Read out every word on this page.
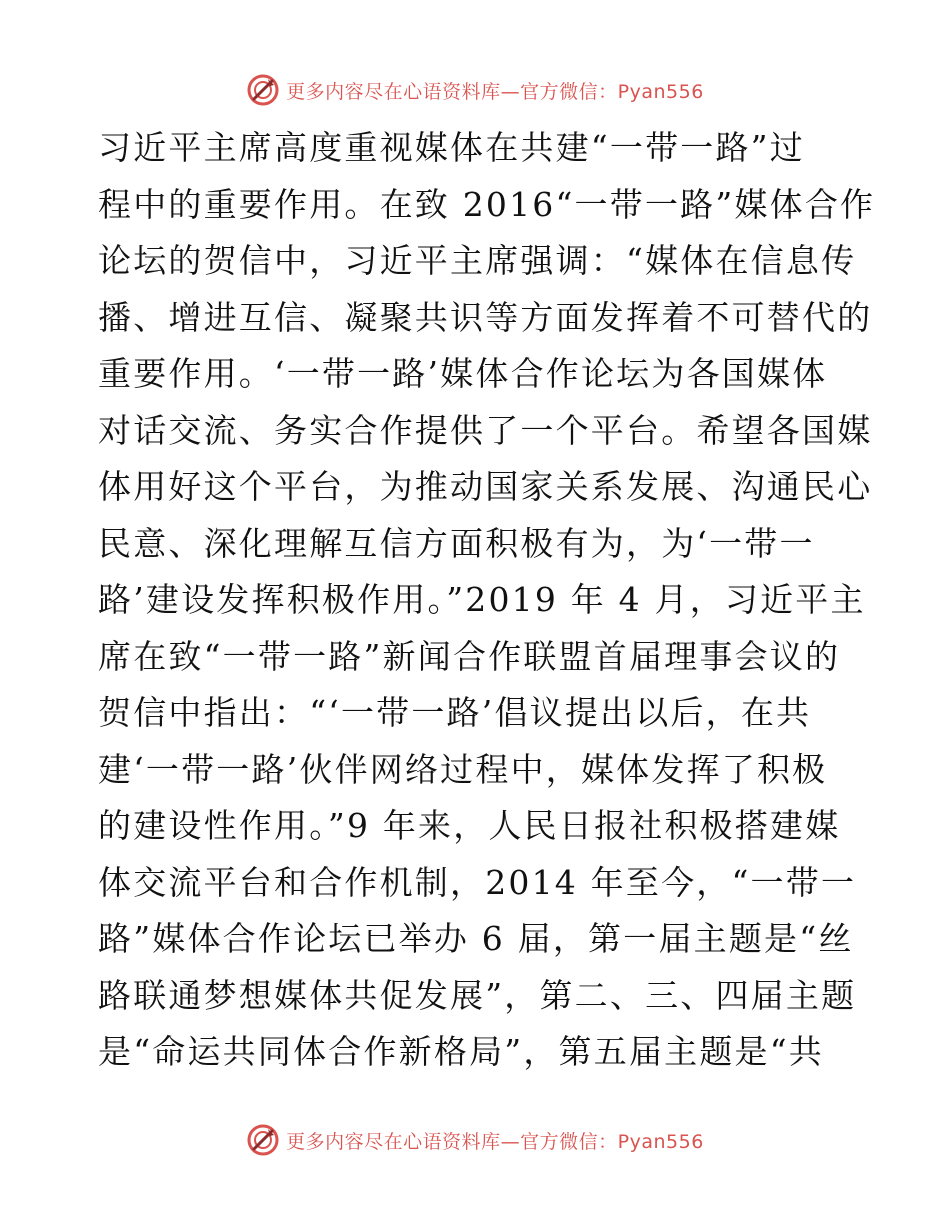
更多内容尽在心语资料库—官方微信：Pyan556
习近平主席高度重视媒体在共建“一带一路”过
程中的重要作用。在致 2016“一带一路”媒体合作
论坛的贺信中，习近平主席强调：“媒体在信息传
播、增进互信、凝聚共识等方面发挥着不可替代的
重要作用。‘一带一路’媒体合作论坛为各国媒体
对话交流、务实合作提供了一个平台。希望各国媒
体用好这个平台，为推动国家关系发展、沟通民心
民意、深化理解互信方面积极有为，为‘一带一
路’建设发挥积极作用。”2019 年 4 月，习近平主
席在致“一带一路”新闻合作联盟首届理事会议的
贺信中指出：“‘一带一路’倡议提出以后，在共
建‘一带一路’伙伴网络过程中，媒体发挥了积极
的建设性作用。”9 年来，人民日报社积极搭建媒
体交流平台和合作机制，2014 年至今，“一带一
路”媒体合作论坛已举办 6 届，第一届主题是“丝
路联通梦想媒体共促发展”，第二、三、四届主题
是“命运共同体合作新格局”，第五届主题是“共
更多内容尽在心语资料库—官方微信：Pyan556
